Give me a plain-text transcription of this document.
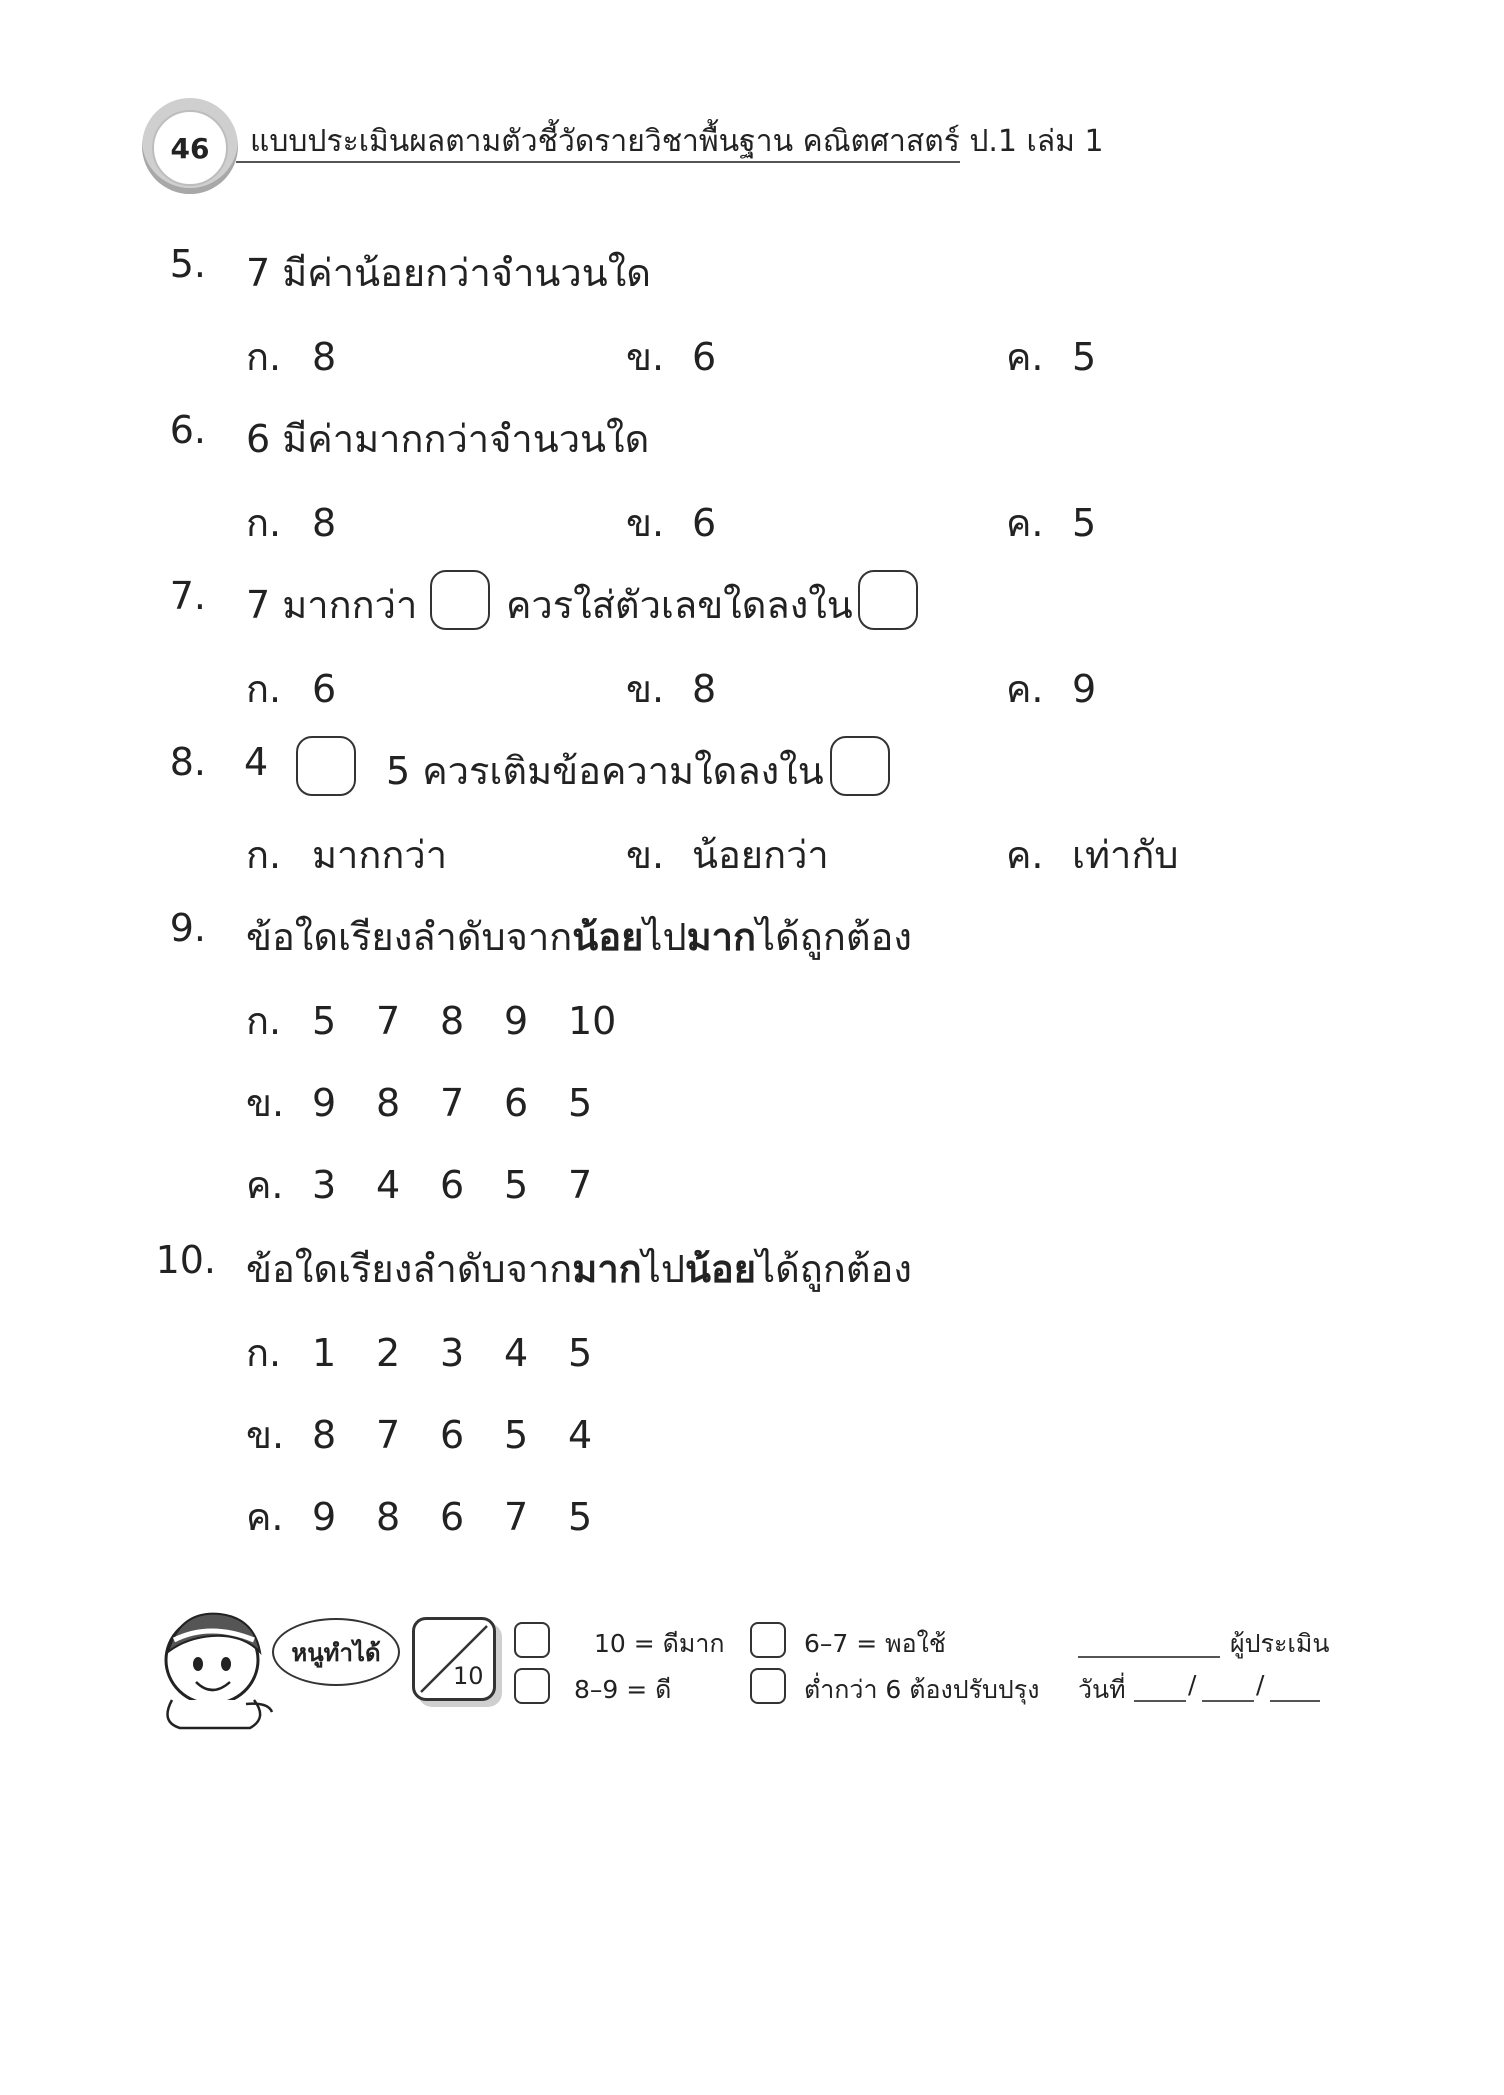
46	แบบประเมินผลตามตัวชี้วัดรายวิชาพื้นฐาน คณิตศาสตร์ ป.1 เล่ม 1
5. 7 มีค่าน้อยกว่าจำนวนใด
ก. 8	ข. 6	ค. 5
6. 6 มีค่ามากกว่าจำนวนใด
ก. 8	ข. 6	ค. 5
7. 7 มากกว่า ควรใส่ตัวเลขใดลงใน
ก. 6	ข. 8	ค. 9
8. 4	5 ควรเติมข้อความใดลงใน
ก. มากกว่า	ข. น้อยกว่า	ค. เท่ากับ
9. ข้อใดเรียงลำดับจากน้อยไปมากได้ถูกต้อง
ก. 5 7 8 9 10
ข. 9 8 7 6 5
ค. 3 4 6 5 7
10. ข้อใดเรียงลำดับจากมากไปน้อยได้ถูกต้อง
ก. 1 2 3 4 5
ข. 8 7 6 5 4
ค. 9 8 6 7 5
หนูทำได้
10
10 = ดีมาก
8–9 = ดี
6–7 = พอใช้
ต่ำกว่า 6 ต้องปรับปรุง
ผู้ประเมิน
วันที่ / /
